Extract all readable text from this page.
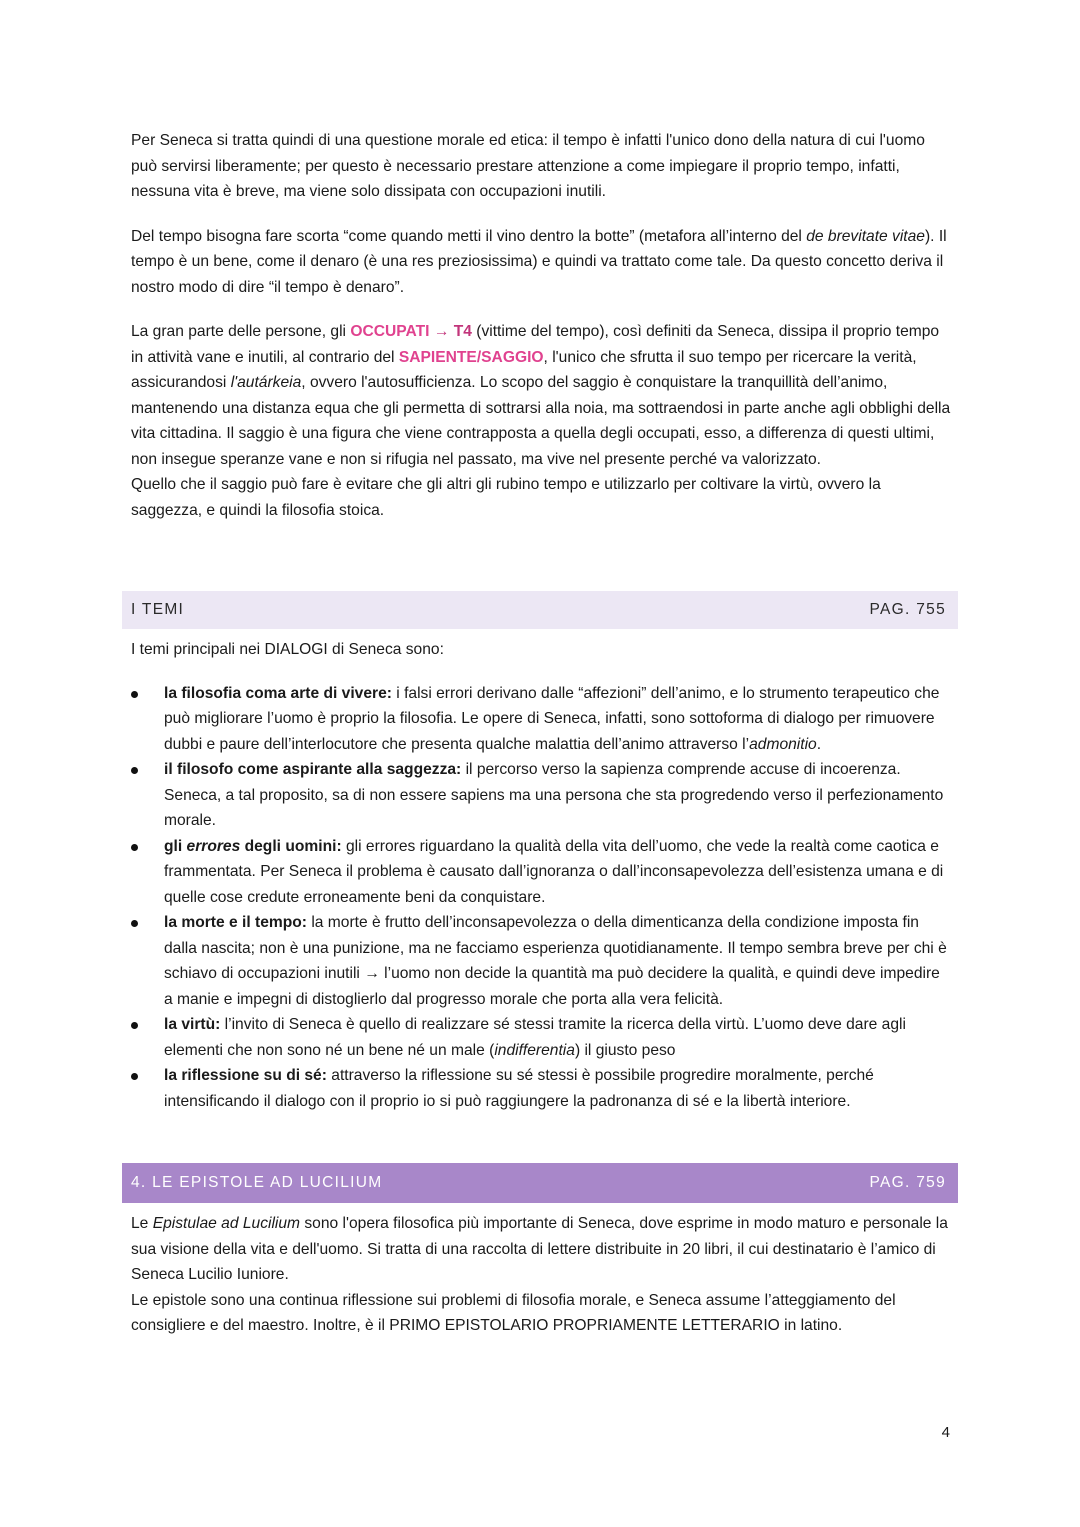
Per Seneca si tratta quindi di una questione morale ed etica: il tempo è infatti l'unico dono della natura di cui l'uomo può servirsi liberamente; per questo è necessario prestare attenzione a come impiegare il proprio tempo, infatti, nessuna vita è breve, ma viene solo dissipata con occupazioni inutili.

Del tempo bisogna fare scorta “come quando metti il vino dentro la botte” (metafora all’interno del de brevitate vitae). Il tempo è un bene, come il denaro (è una res preziosissima) e quindi va trattato come tale. Da questo concetto deriva il nostro modo di dire “il tempo è denaro”.

La gran parte delle persone, gli OCCUPATI → T4 (vittime del tempo), così definiti da Seneca, dissipa il proprio tempo in attività vane e inutili, al contrario del SAPIENTE/SAGGIO, l'unico che sfrutta il suo tempo per ricercare la verità, assicurandosi l'autárkeia, ovvero l'autosufficienza. Lo scopo del saggio è conquistare la tranquillità dell’animo, mantenendo una distanza equa che gli permetta di sottrarsi alla noia, ma sottraendosi in parte anche agli obblighi della vita cittadina. Il saggio è una figura che viene contrapposta a quella degli occupati, esso, a differenza di questi ultimi, non insegue speranze vane e non si rifugia nel passato, ma vive nel presente perché va valorizzato.

Quello che il saggio può fare è evitare che gli altri gli rubino tempo e utilizzarlo per coltivare la virtù, ovvero la saggezza, e quindi la filosofia stoica.

I TEMI	PAG. 755

I temi principali nei DIALOGI di Seneca sono:

la filosofia coma arte di vivere: i falsi errori derivano dalle “affezioni” dell’animo, e lo strumento terapeutico che può migliorare l’uomo è proprio la filosofia. Le opere di Seneca, infatti, sono sottoforma di dialogo per rimuovere dubbi e paure dell’interlocutore che presenta qualche malattia dell’animo attraverso l’admonitio.
il filosofo come aspirante alla saggezza: il percorso verso la sapienza comprende accuse di incoerenza. Seneca, a tal proposito, sa di non essere sapiens ma una persona che sta progredendo verso il perfezionamento morale.
gli errores degli uomini: gli errores riguardano la qualità della vita dell’uomo, che vede la realtà come caotica e frammentata. Per Seneca il problema è causato dall’ignoranza o dall’inconsapevolezza dell’esistenza umana e di quelle cose credute erroneamente beni da conquistare.
la morte e il tempo: la morte è frutto dell’inconsapevolezza o della dimenticanza della condizione imposta fin dalla nascita; non è una punizione, ma ne facciamo esperienza quotidianamente. Il tempo sembra breve per chi è schiavo di occupazioni inutili → l’uomo non decide la quantità ma può decidere la qualità, e quindi deve impedire a manie e impegni di distoglierlo dal progresso morale che porta alla vera felicità.
la virtù: l’invito di Seneca è quello di realizzare sé stessi tramite la ricerca della virtù. L’uomo deve dare agli elementi che non sono né un bene né un male (indifferentia) il giusto peso
la riflessione su di sé: attraverso la riflessione su sé stessi è possibile progredire moralmente, perché intensificando il dialogo con il proprio io si può raggiungere la padronanza di sé e la libertà interiore.
4. LE EPISTOLE AD LUCILIUM	PAG. 759

Le Epistulae ad Lucilium sono l'opera filosofica più importante di Seneca, dove esprime in modo maturo e personale la sua visione della vita e dell'uomo. Si tratta di una raccolta di lettere distribuite in 20 libri, il cui destinatario è l’amico di Seneca Lucilio Iuniore.

Le epistole sono una continua riflessione sui problemi di filosofia morale, e Seneca assume l’atteggiamento del consigliere e del maestro. Inoltre, è il PRIMO EPISTOLARIO PROPRIAMENTE LETTERARIO in latino.

4
